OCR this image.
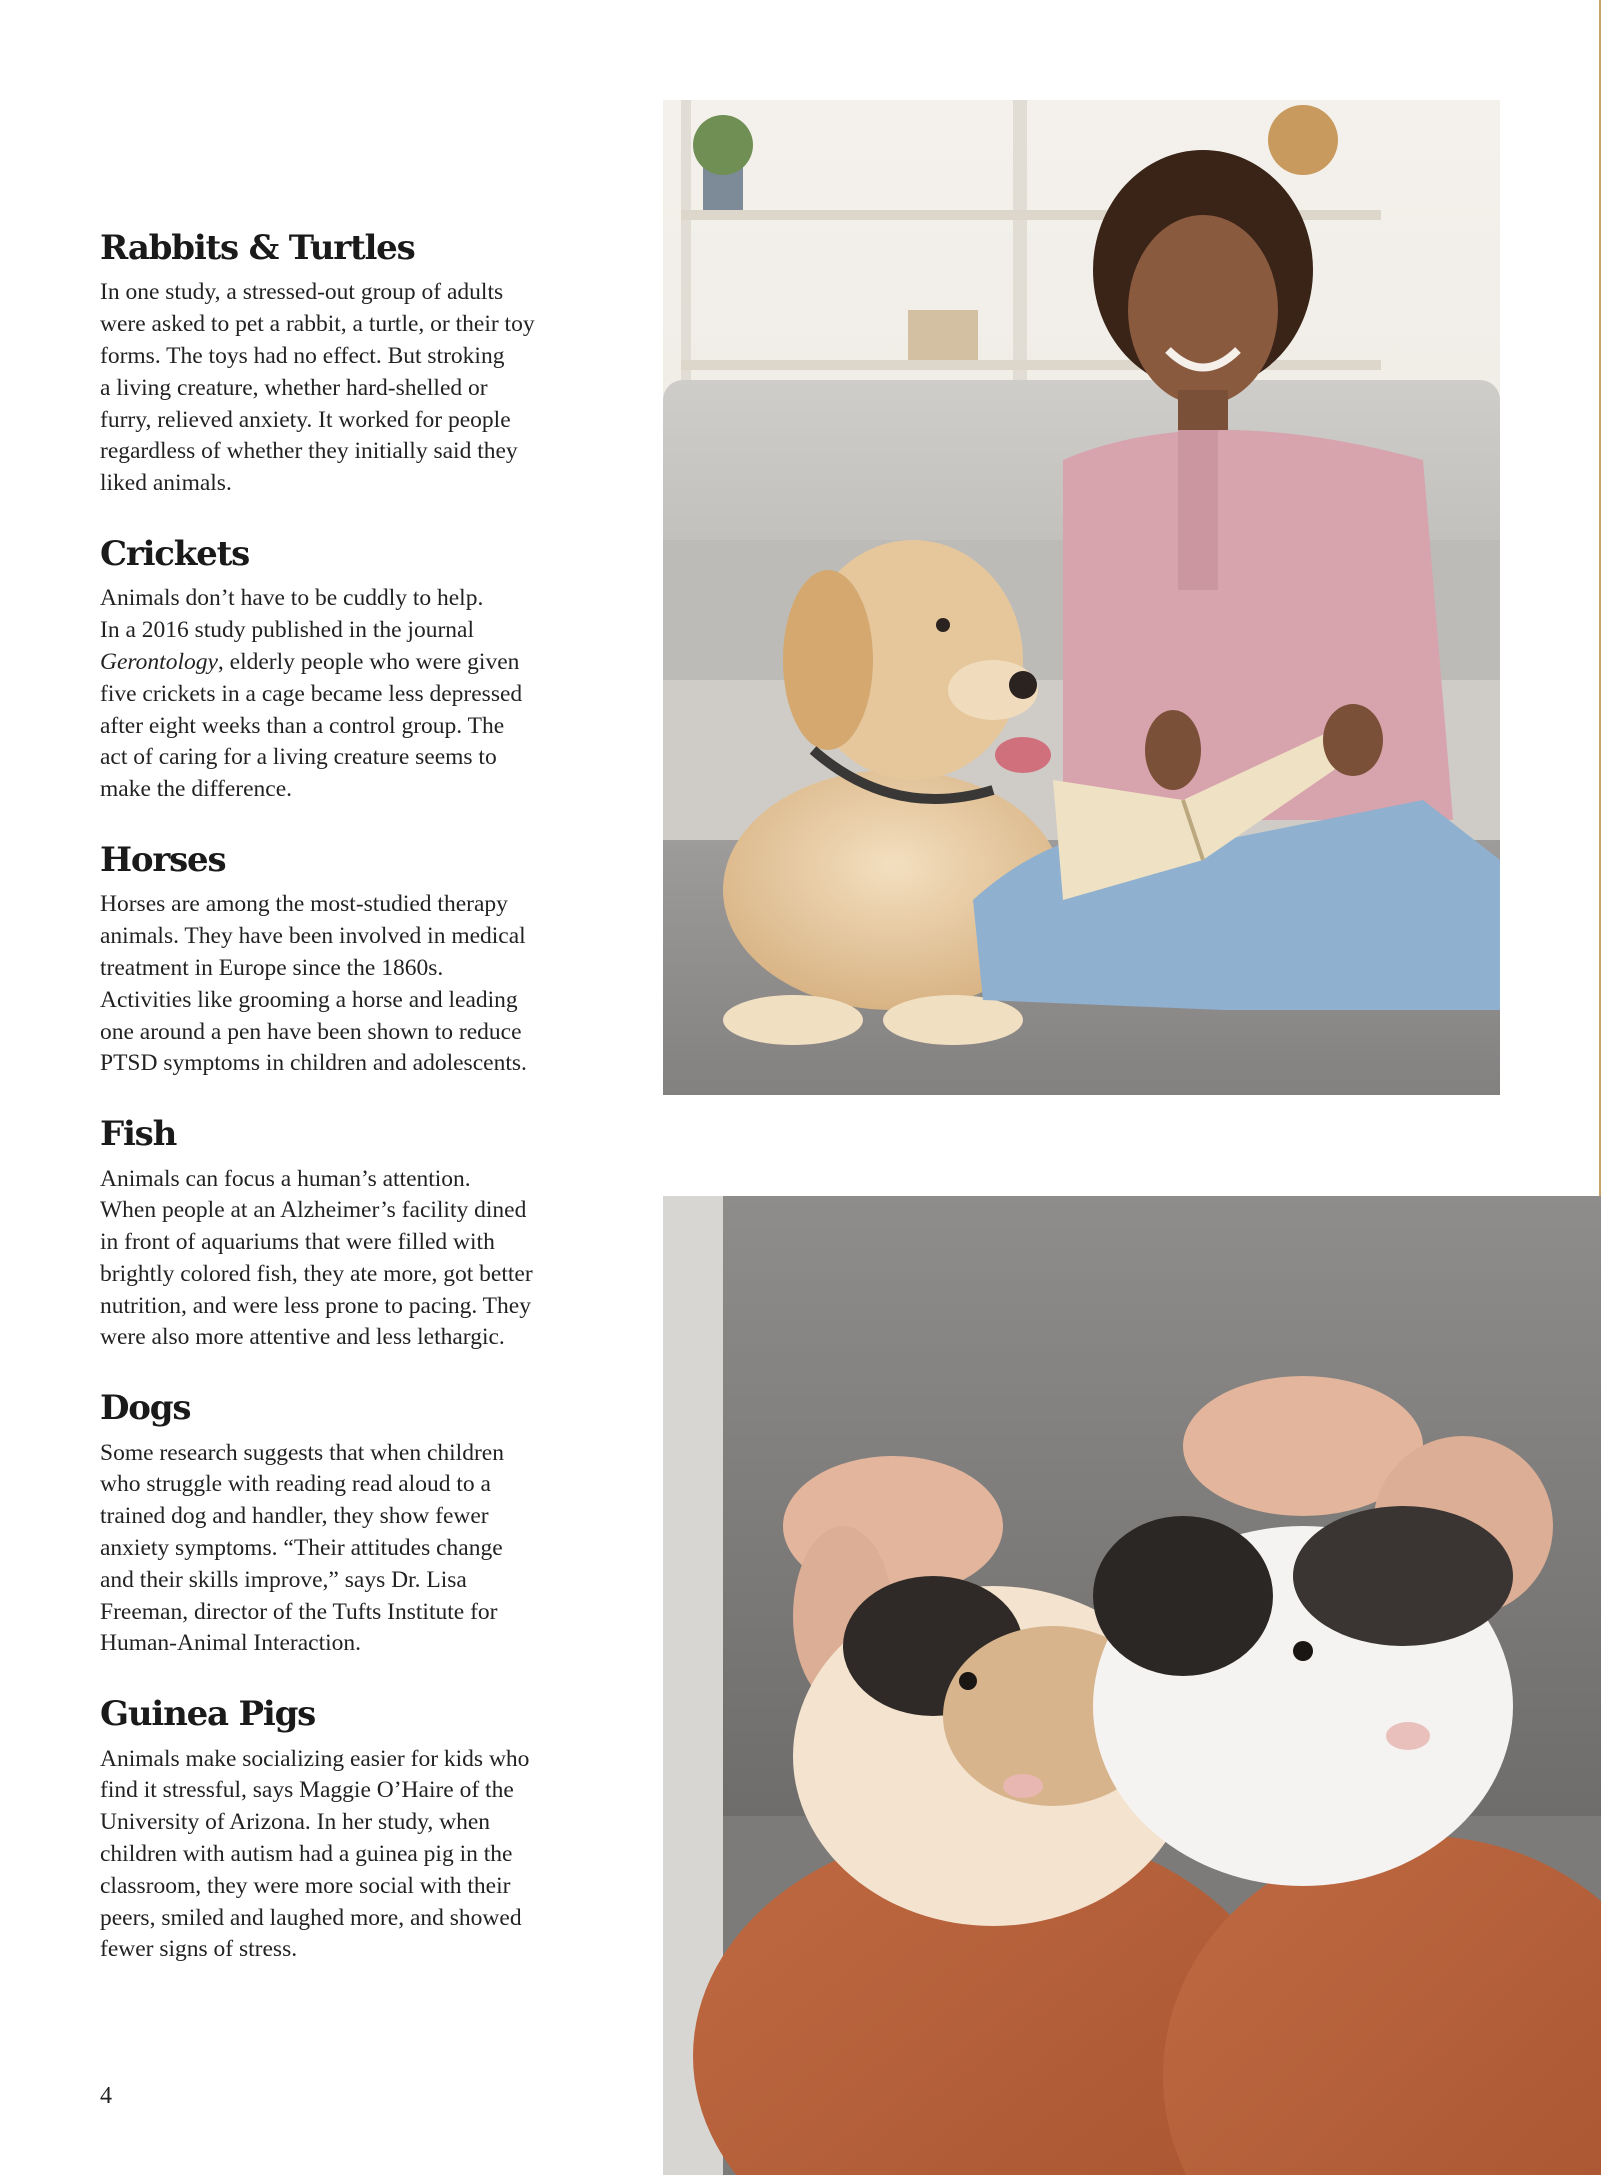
Rabbits & Turtles

In one study, a stressed-out group of adults
were asked to pet a rabbit, a turtle, or their toy
forms. The toys had no effect. But stroking
a living creature, whether hard-shelled or
furry, relieved anxiety. It worked for people
regardless of whether they initially said they
liked animals.

Crickets

Animals don’t have to be cuddly to help.
In a 2016 study published in the journal
Gerontology, elderly people who were given
five crickets in a cage became less depressed
after eight weeks than a control group. The
act of caring for a living creature seems to
make the difference.

Horses

Horses are among the most-studied therapy
animals. They have been involved in medical
treatment in Europe since the 1860s.
Activities like grooming a horse and leading
one around a pen have been shown to reduce
PTSD symptoms in children and adolescents.

Fish

Animals can focus a human’s attention.
When people at an Alzheimer’s facility dined
in front of aquariums that were filled with
brightly colored fish, they ate more, got better
nutrition, and were less prone to pacing. They
were also more attentive and less lethargic.

Dogs

Some research suggests that when children
who struggle with reading read aloud to a
trained dog and handler, they show fewer
anxiety symptoms. “Their attitudes change
and their skills improve,” says Dr. Lisa
Freeman, director of the Tufts Institute for
Human-Animal Interaction.

Guinea Pigs

Animals make socializing easier for kids who
find it stressful, says Maggie O’Haire of the
University of Arizona. In her study, when
children with autism had a guinea pig in the
classroom, they were more social with their
peers, smiled and laughed more, and showed
fewer signs of stress.

4
